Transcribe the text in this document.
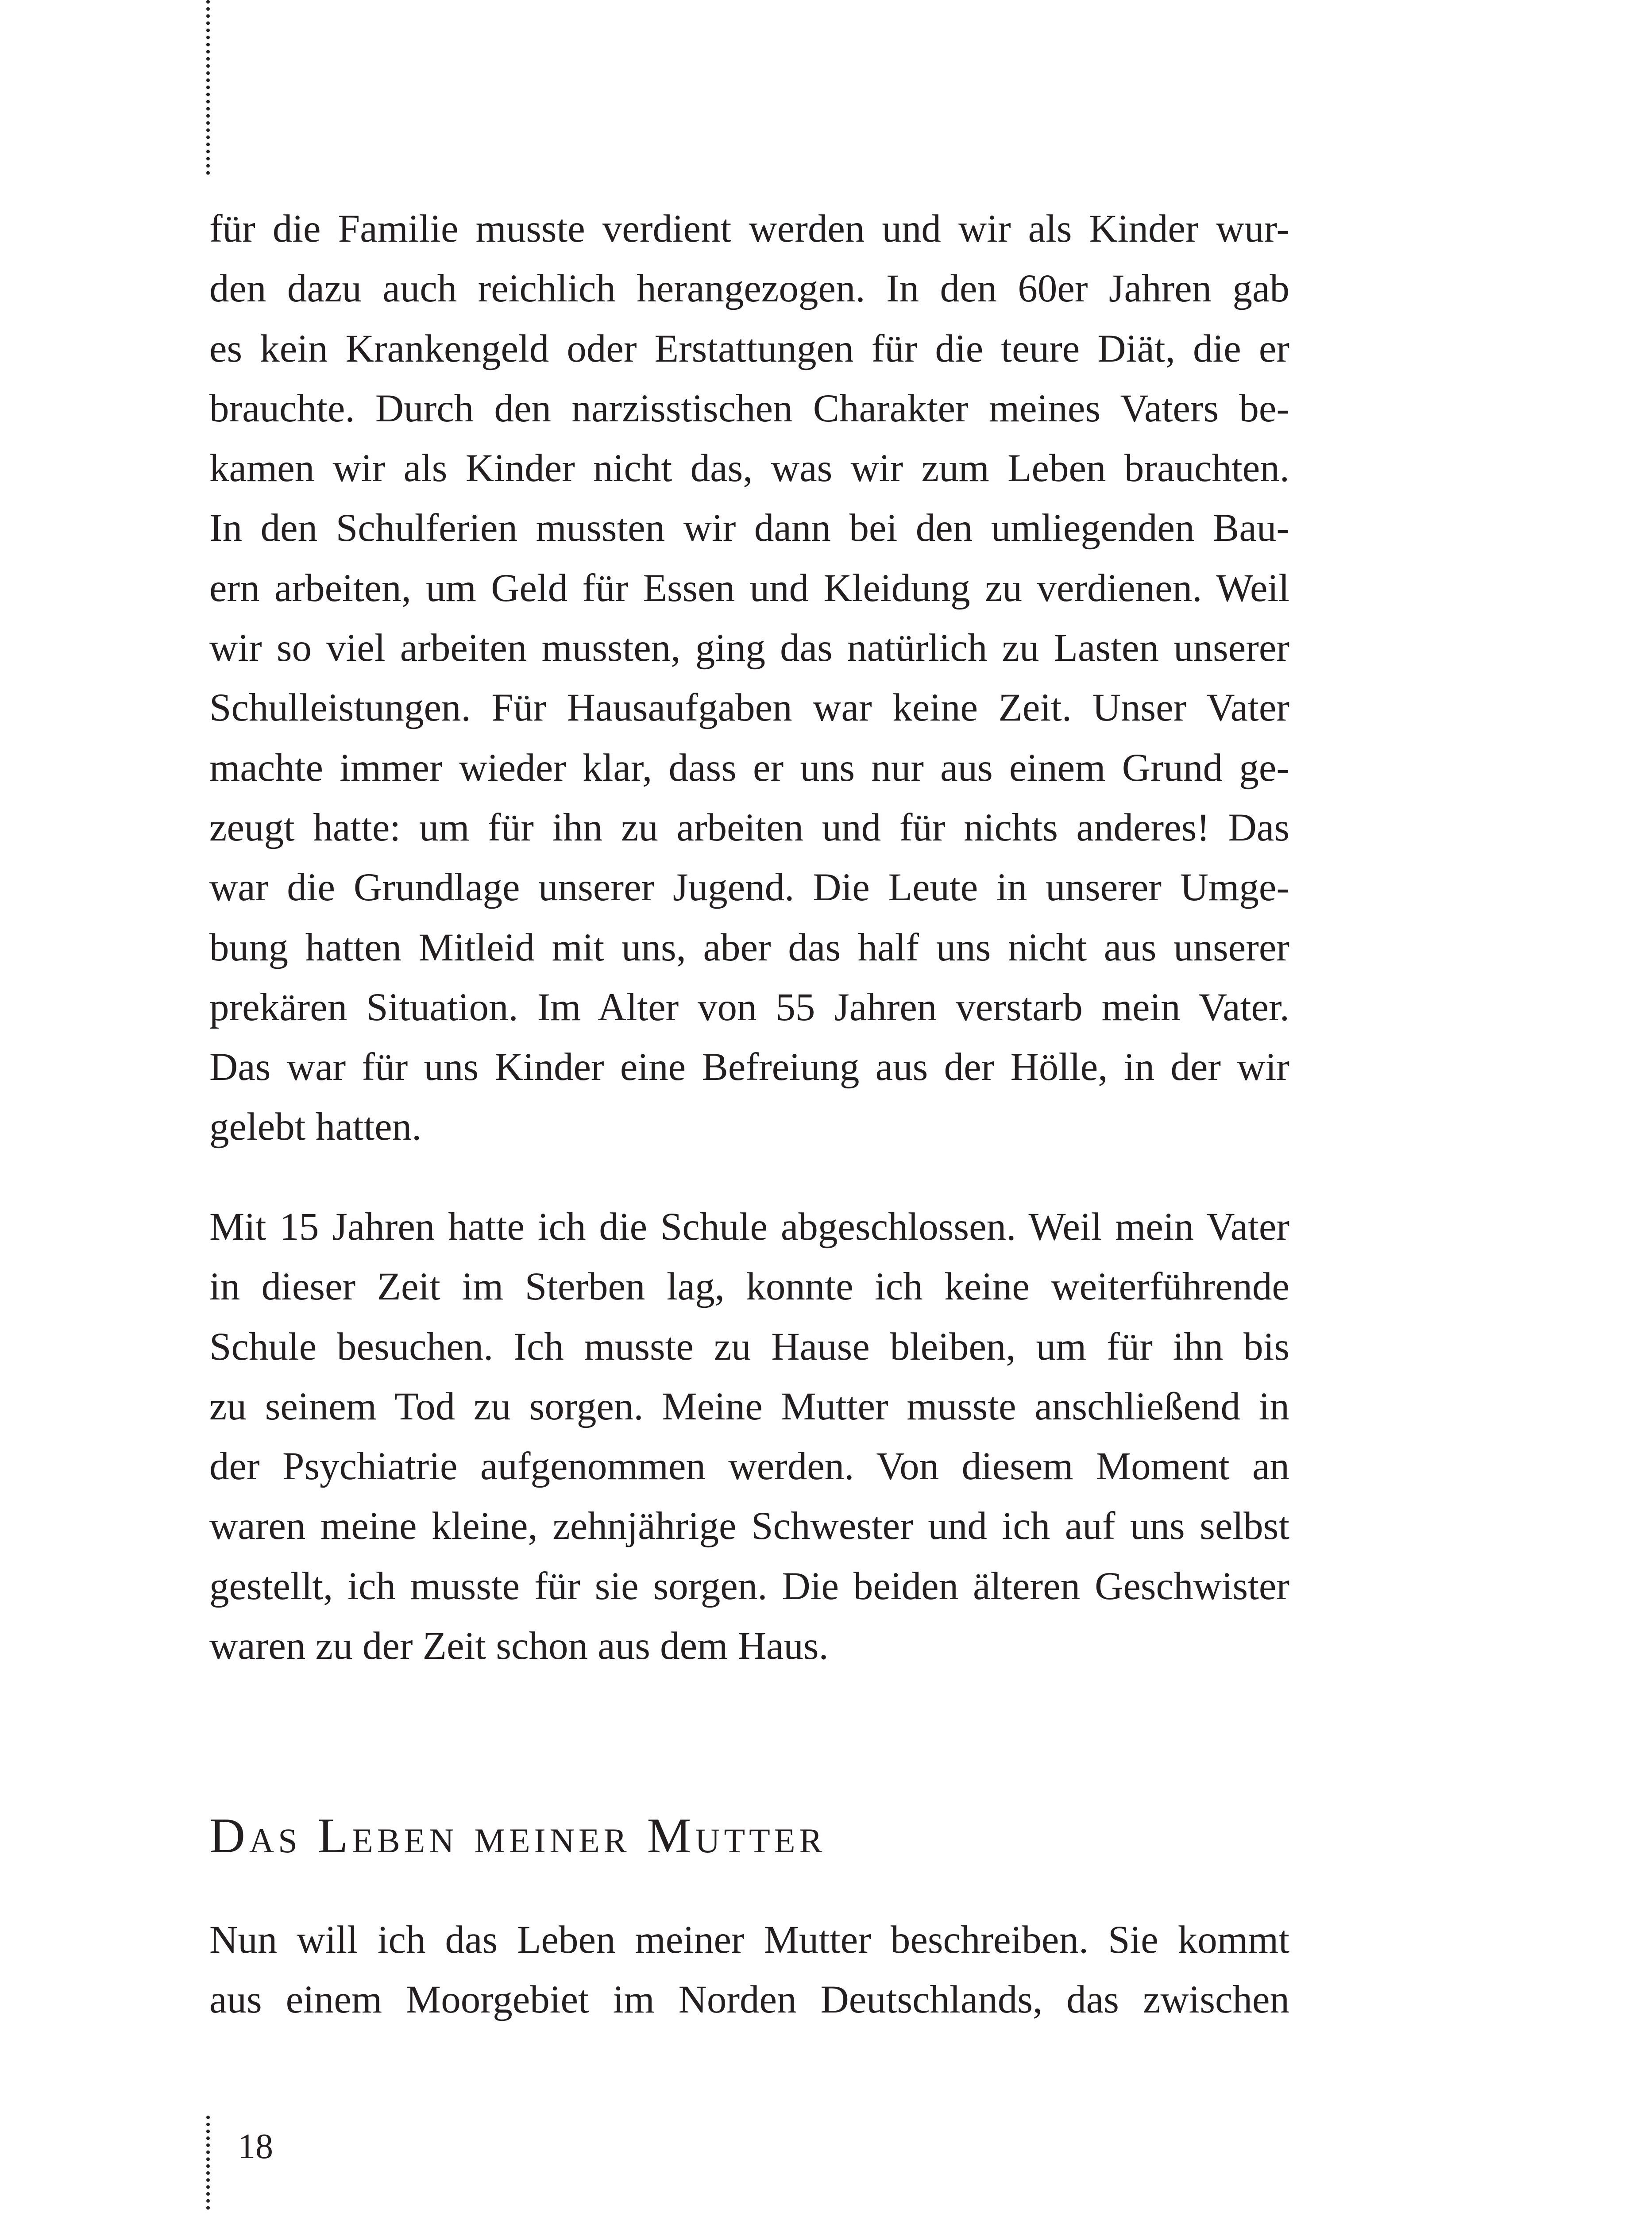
für die Familie musste verdient werden und wir als Kinder wur-
den dazu auch reichlich herangezogen. In den 60er Jahren gab
es kein Krankengeld oder Erstattungen für die teure Diät, die er
brauchte. Durch den narzisstischen Charakter meines Vaters be-
kamen wir als Kinder nicht das, was wir zum Leben brauchten.
In den Schulferien mussten wir dann bei den umliegenden Bau-
ern arbeiten, um Geld für Essen und Kleidung zu verdienen. Weil
wir so viel arbeiten mussten, ging das natürlich zu Lasten unserer
Schulleistungen. Für Hausaufgaben war keine Zeit. Unser Vater
machte immer wieder klar, dass er uns nur aus einem Grund ge-
zeugt hatte: um für ihn zu arbeiten und für nichts anderes! Das
war die Grundlage unserer Jugend. Die Leute in unserer Umge-
bung hatten Mitleid mit uns, aber das half uns nicht aus unserer
prekären Situation. Im Alter von 55 Jahren verstarb mein Vater.
Das war für uns Kinder eine Befreiung aus der Hölle, in der wir
gelebt hatten.
Mit 15 Jahren hatte ich die Schule abgeschlossen. Weil mein Vater
in dieser Zeit im Sterben lag, konnte ich keine weiterführende
Schule besuchen. Ich musste zu Hause bleiben, um für ihn bis
zu seinem Tod zu sorgen. Meine Mutter musste anschließend in
der Psychiatrie aufgenommen werden. Von diesem Moment an
waren meine kleine, zehnjährige Schwester und ich auf uns selbst
gestellt, ich musste für sie sorgen. Die beiden älteren Geschwister
waren zu der Zeit schon aus dem Haus.
Das Leben meiner Mutter
Nun will ich das Leben meiner Mutter beschreiben. Sie kommt
aus einem Moorgebiet im Norden Deutschlands, das zwischen
18
